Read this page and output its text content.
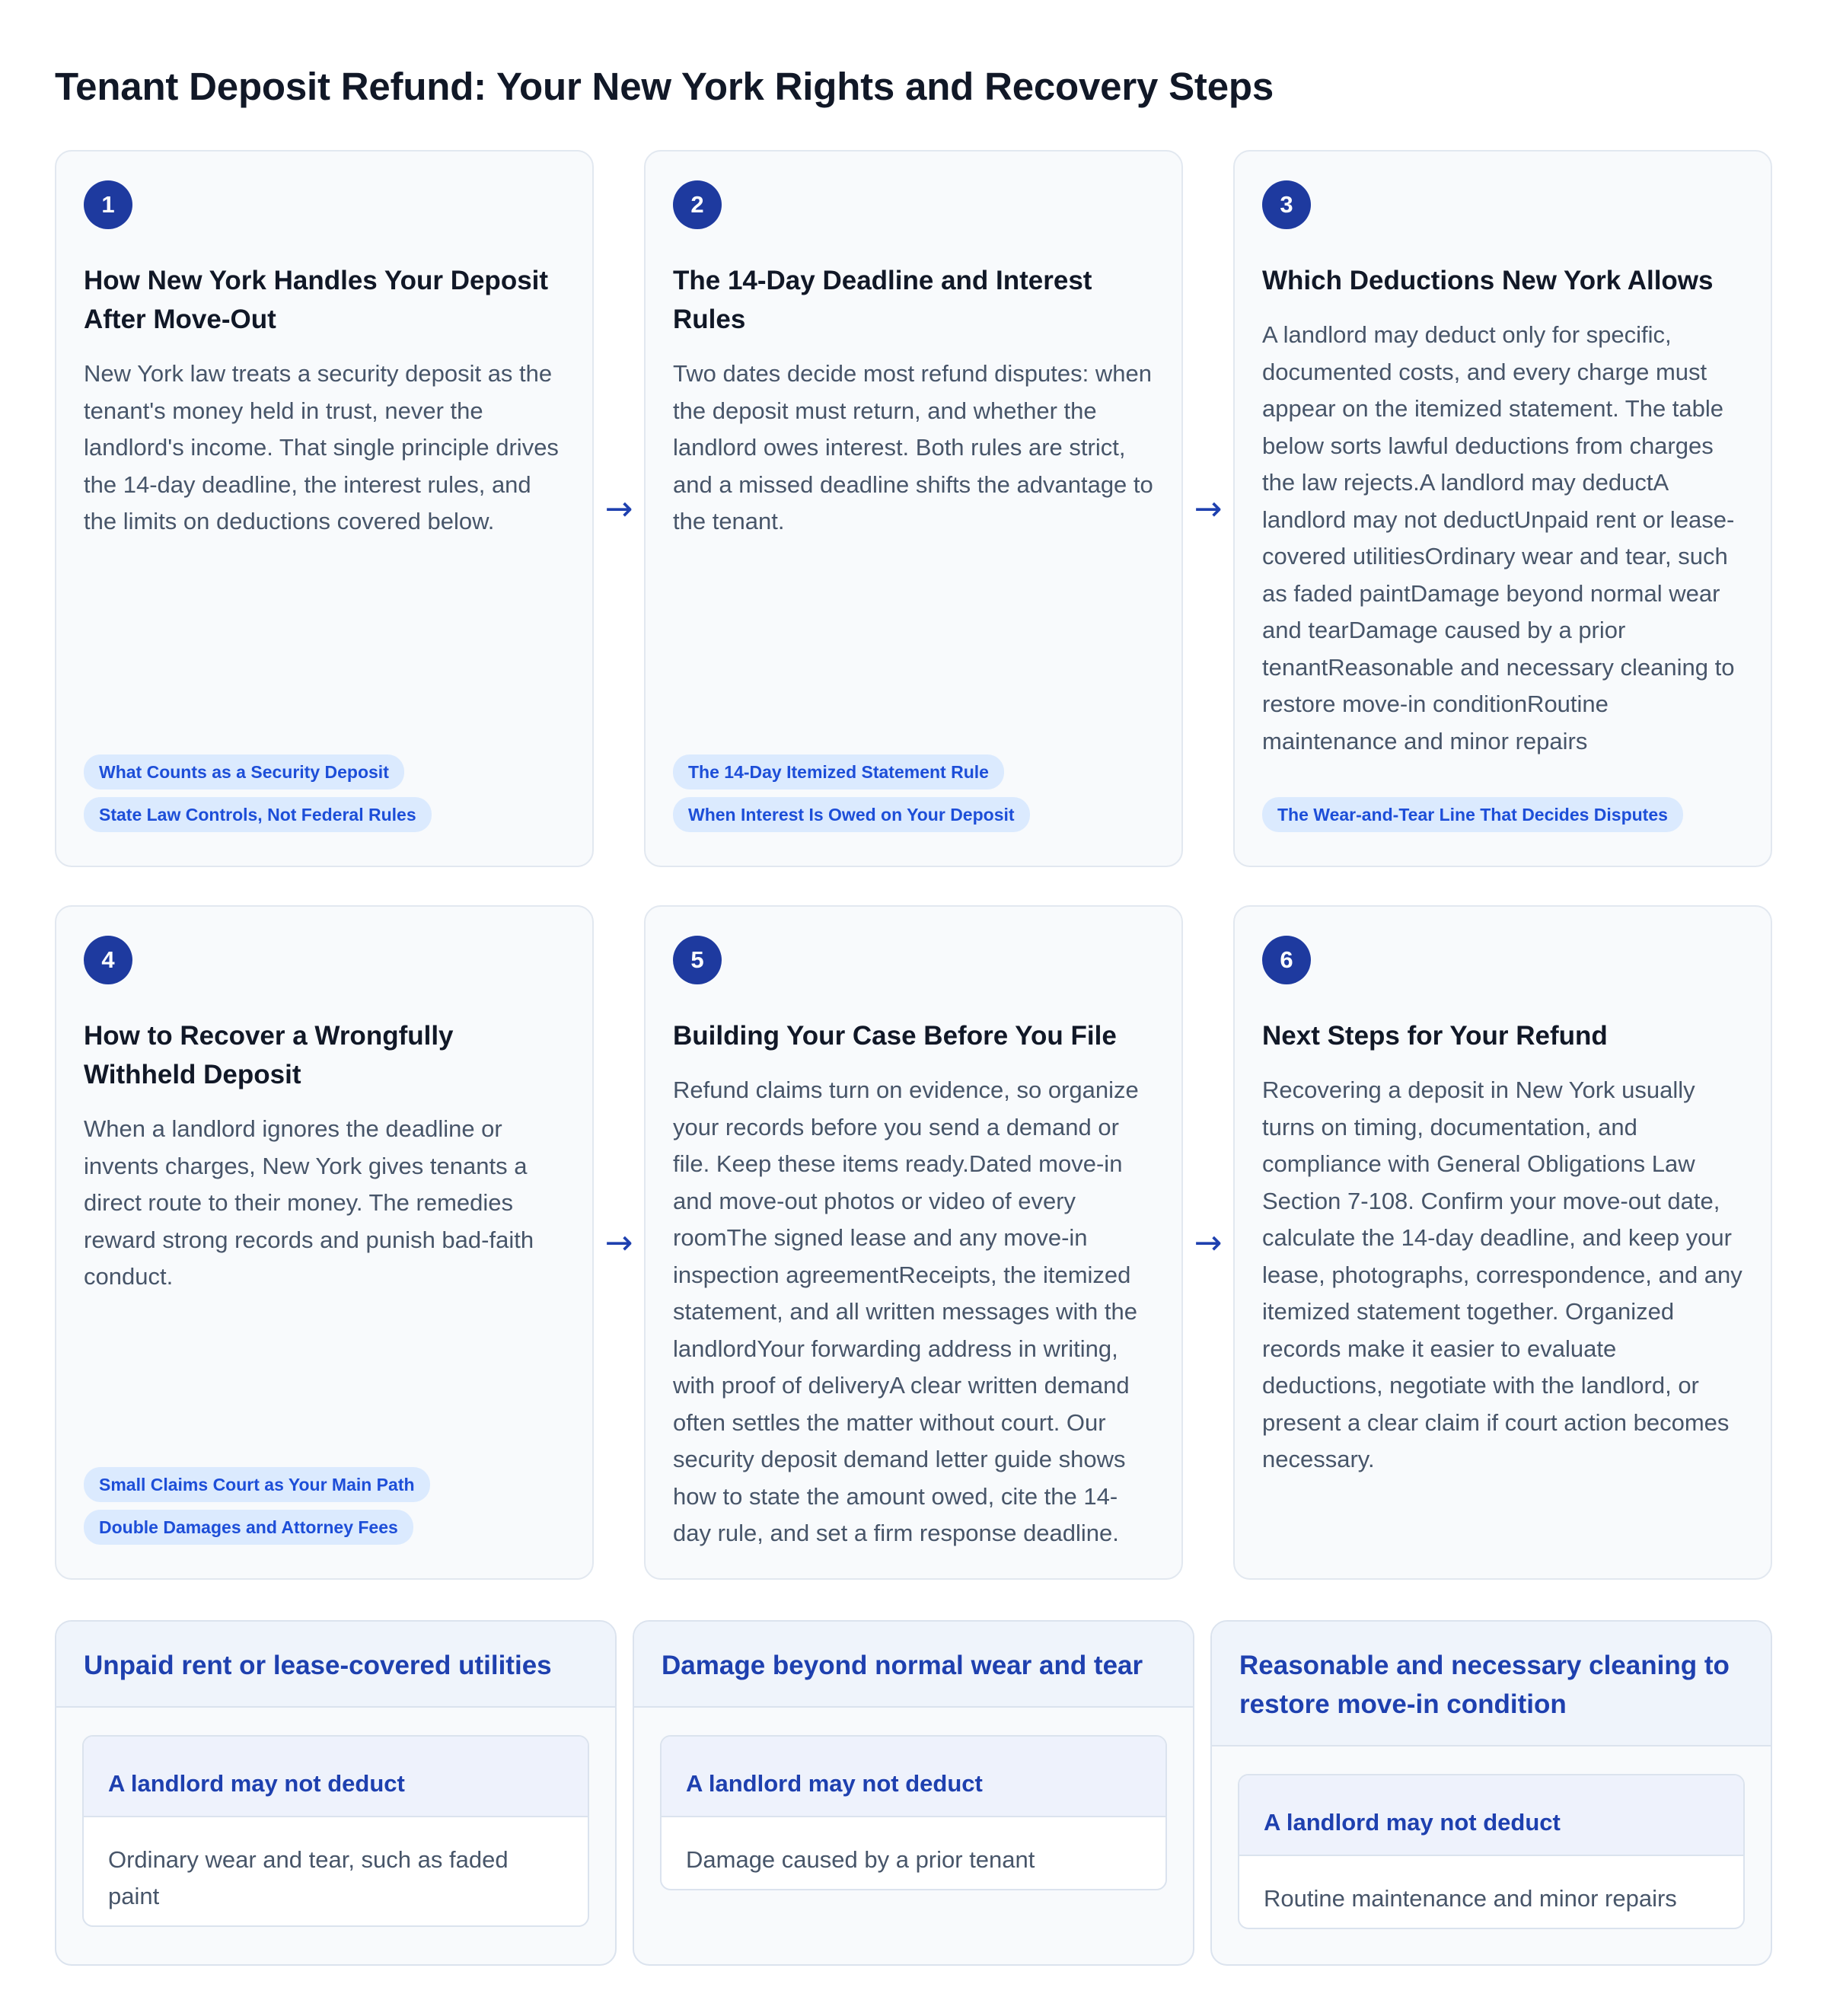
Tenant Deposit Refund: Your New York Rights and Recovery Steps
1
How New York Handles Your Deposit After Move-Out

New York law treats a security deposit as the tenant's money held in trust, never the landlord's income. That single principle drives the 14-day deadline, the interest rules, and the limits on deductions covered below.

What Counts as a Security Deposit
State Law Controls, Not Federal Rules
→
2
The 14-Day Deadline and Interest Rules

Two dates decide most refund disputes: when the deposit must return, and whether the landlord owes interest. Both rules are strict, and a missed deadline shifts the advantage to the tenant.

The 14-Day Itemized Statement Rule
When Interest Is Owed on Your Deposit
→
3
Which Deductions New York Allows

A landlord may deduct only for specific, documented costs, and every charge must appear on the itemized statement. The table below sorts lawful deductions from charges the law rejects.A landlord may deductA landlord may not deductUnpaid rent or lease-covered utilitiesOrdinary wear and tear, such as faded paintDamage beyond normal wear and tearDamage caused by a prior tenantReasonable and necessary cleaning to restore move-in conditionRoutine maintenance and minor repairs

The Wear-and-Tear Line That Decides Disputes
4
How to Recover a Wrongfully Withheld Deposit

When a landlord ignores the deadline or invents charges, New York gives tenants a direct route to their money. The remedies reward strong records and punish bad-faith conduct.

Small Claims Court as Your Main Path
Double Damages and Attorney Fees
→
5
Building Your Case Before You File

Refund claims turn on evidence, so organize your records before you send a demand or file. Keep these items ready.Dated move-in and move-out photos or video of every roomThe signed lease and any move-in inspection agreementReceipts, the itemized statement, and all written messages with the landlordYour forwarding address in writing, with proof of deliveryA clear written demand often settles the matter without court. Our security deposit demand letter guide shows how to state the amount owed, cite the 14-day rule, and set a firm response deadline.

→
6
Next Steps for Your Refund

Recovering a deposit in New York usually turns on timing, documentation, and compliance with General Obligations Law Section 7-108. Confirm your move-out date, calculate the 14-day deadline, and keep your lease, photographs, correspondence, and any itemized statement together. Organized records make it easier to evaluate deductions, negotiate with the landlord, or present a clear claim if court action becomes necessary.

Unpaid rent or lease-covered utilities
A landlord may not deduct
Ordinary wear and tear, such as faded paint
Damage beyond normal wear and tear
A landlord may not deduct
Damage caused by a prior tenant
Reasonable and necessary cleaning to restore move-in condition
A landlord may not deduct
Routine maintenance and minor repairs
